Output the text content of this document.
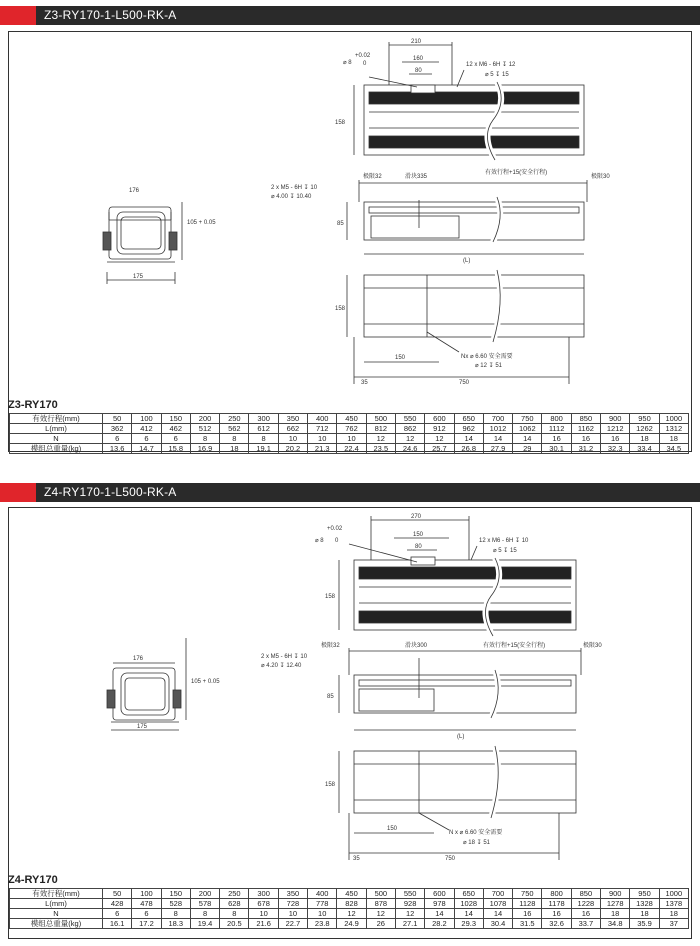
Z3-RY170-1-L500-RK-A
210
160
80
⌀ 8
+0.02
0	12 x M6 - 6H ↧ 12
⌀ 5 ↧ 15
158
极限32	滑块335
有效行程+15(安全行程)
极限30
2 x M5 - 6H ↧ 10
⌀ 4.00 ↧ 10.40
85
(L)
158
150
750
35
Nx ⌀ 6.60 安全需要
⌀ 12 ↧ 51
176
175
105 + 0.05
Z3-RY170
有效行程(mm)	50	100	150	200	250	300	350	400	450	500	550	600	650	700	750	800	850	900	950	1000
L(mm)	362	412	462	512	562	612	662	712	762	812	862	912	962	1012	1062	1112	1162	1212	1262	1312
N	6	6	6	8	8	8	10	10	10	12	12	12	14	14	14	16	16	16	18	18
模组总重量(kg)	13.6	14.7	15.8	16.9	18	19.1	20.2	21.3	22.4	23.5	24.6	25.7	26.8	27.9	29	30.1	31.2	32.3	33.4	34.5
Z4-RY170-1-L500-RK-A
270
150
80
⌀ 8
+0.02
0	12 x M6 - 6H ↧ 10
⌀ 5 ↧ 15
158
极限32	滑块300	有效行程+15(安全行程)	极限30
2 x M5 - 6H ↧ 10
⌀ 4.20 ↧ 12.40
85
(L)
158
150
750
35
N x ⌀ 6.60 安全需要
⌀ 18 ↧ 51
176
175
105 + 0.05
Z4-RY170
有效行程(mm)	50	100	150	200	250	300	350	400	450	500	550	600	650	700	750	800	850	900	950	1000
L(mm)	428	478	528	578	628	678	728	778	828	878	928	978	1028	1078	1128	1178	1228	1278	1328	1378
N	6	6	8	8	8	10	10	10	12	12	12	14	14	14	16	16	16	18	18	18
模组总重量(kg)	16.1	17.2	18.3	19.4	20.5	21.6	22.7	23.8	24.9	26	27.1	28.2	29.3	30.4	31.5	32.6	33.7	34.8	35.9	37
